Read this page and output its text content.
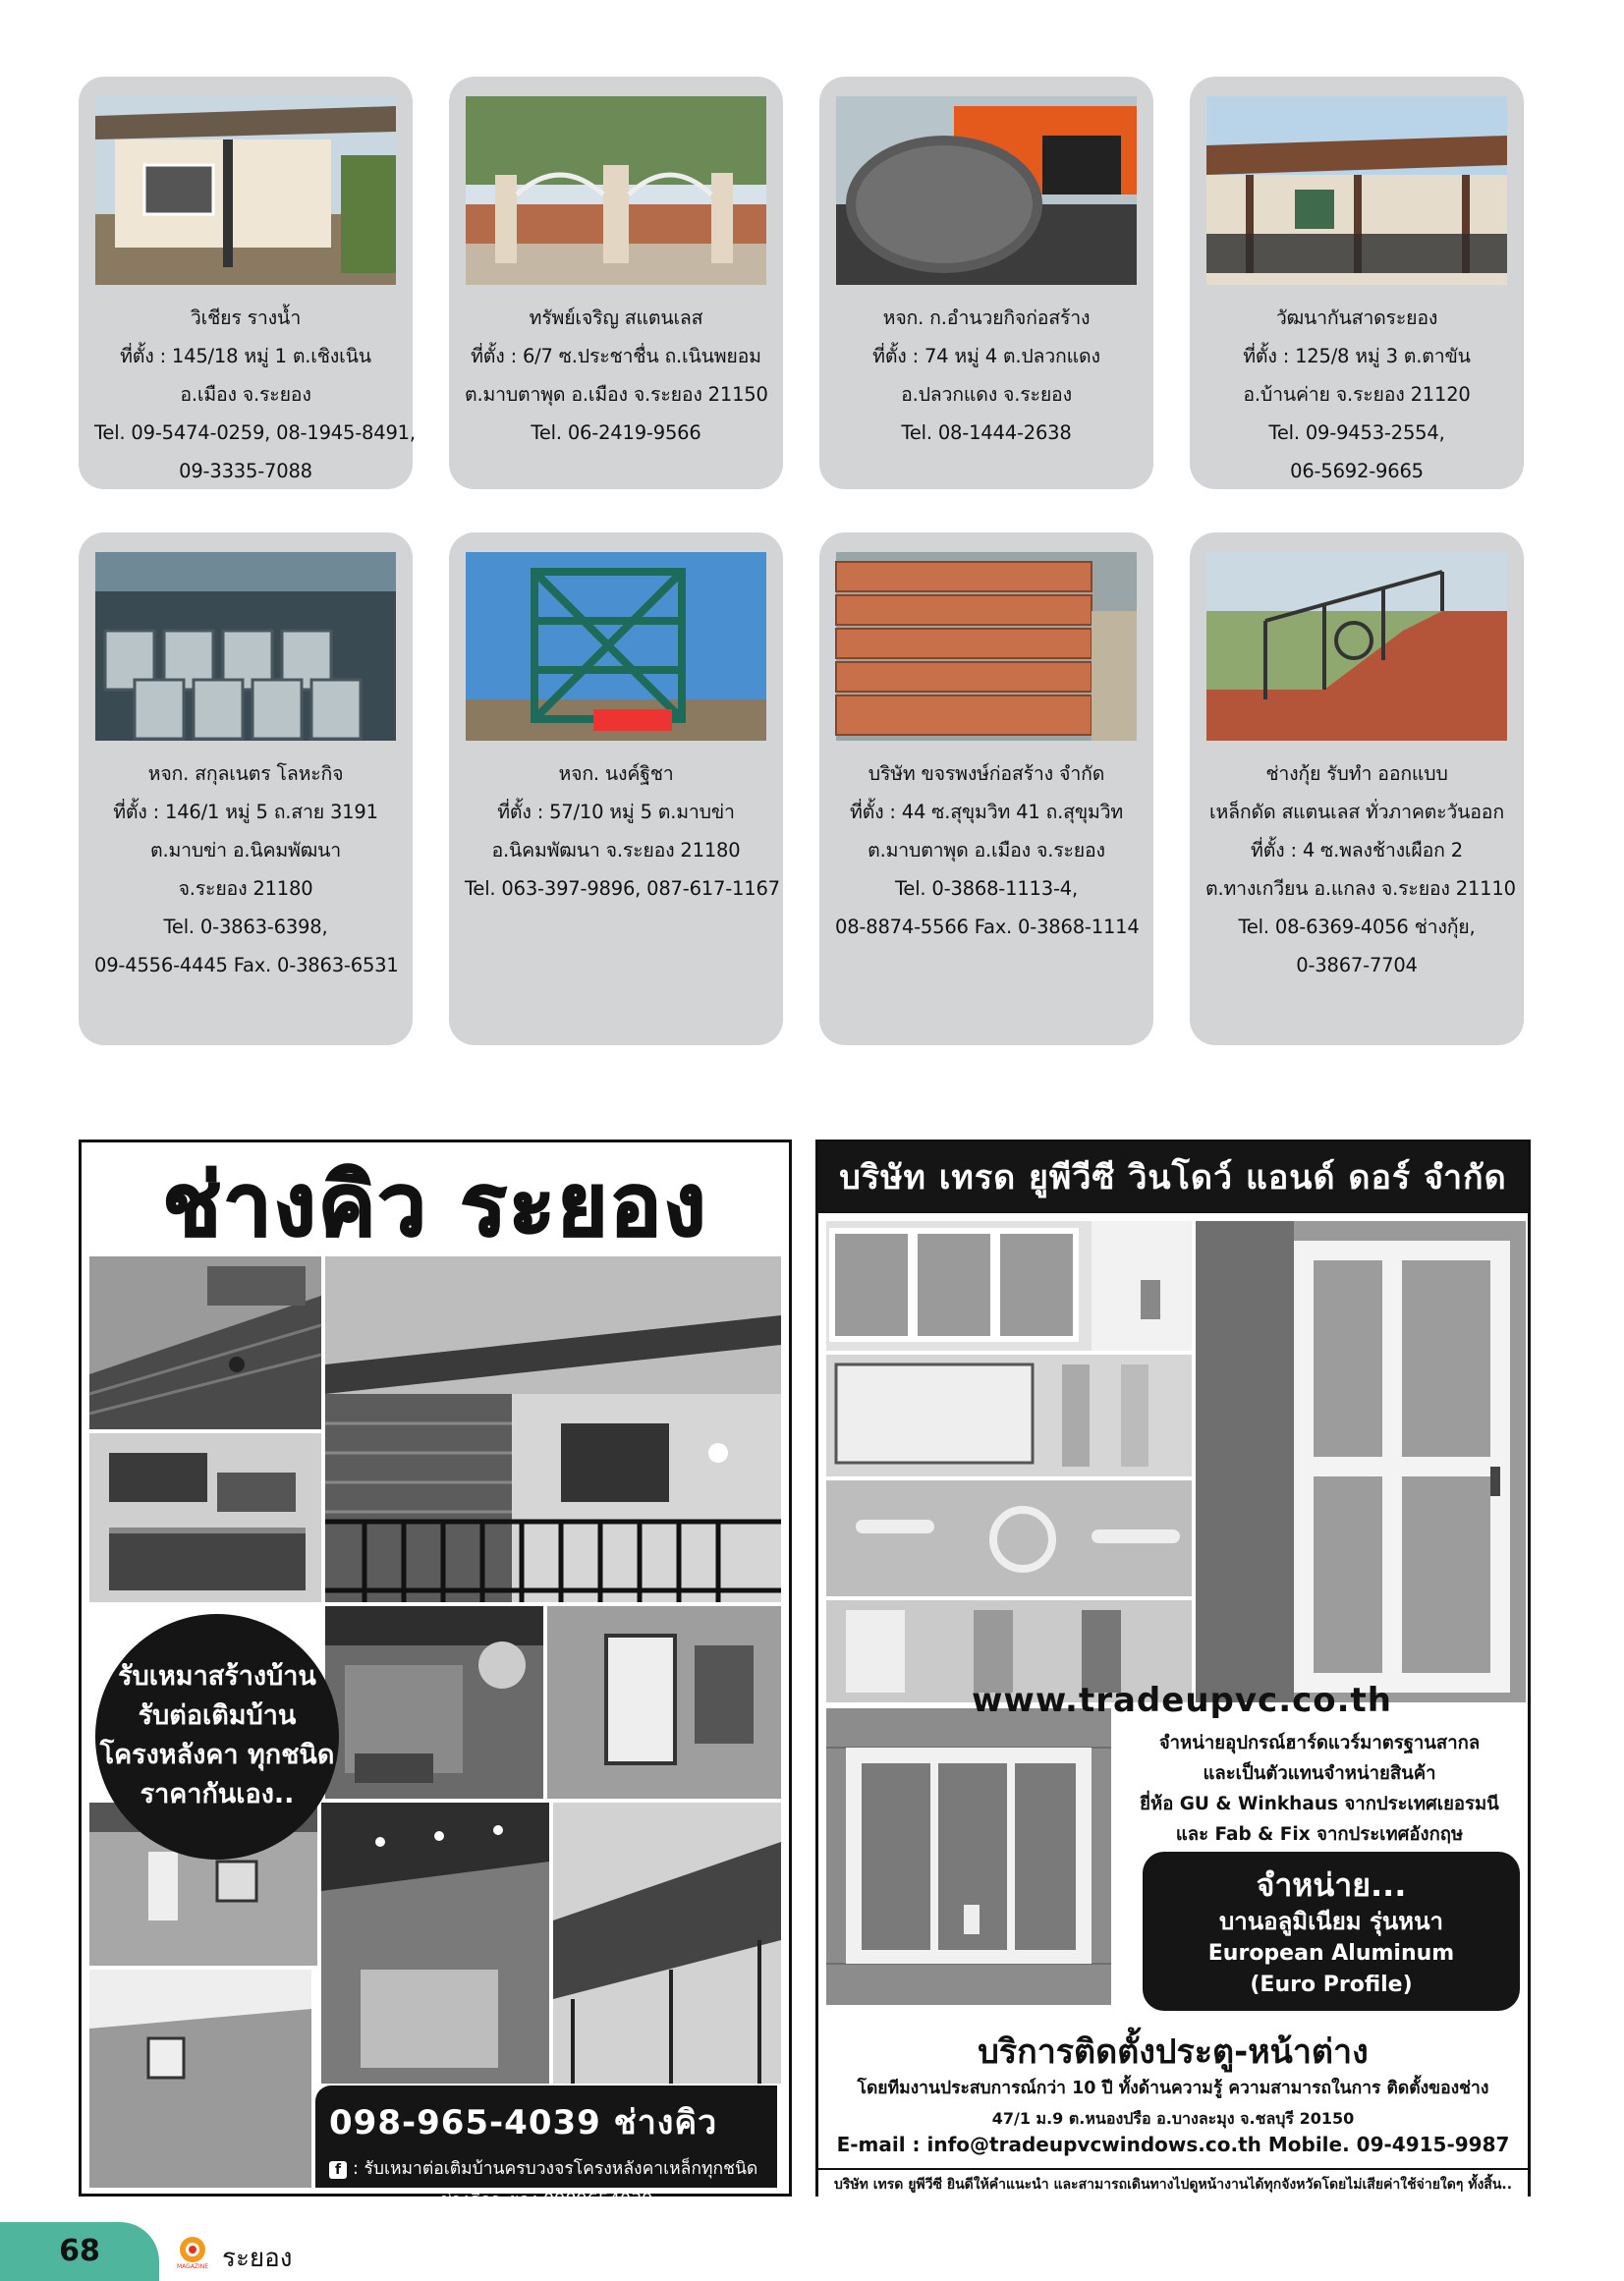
วิเชียร รางน้ำ
ที่ตั้ง : 145/18 หมู่ 1 ต.เชิงเนิน
อ.เมือง จ.ระยอง
Tel. 09-5474-0259, 08-1945-8491,
09-3335-7088
ทรัพย์เจริญ สแตนเลส
ที่ตั้ง : 6/7 ซ.ประชาชื่น ถ.เนินพยอม
ต.มาบตาพุด อ.เมือง จ.ระยอง 21150
Tel. 06-2419-9566
หจก. ก.อำนวยกิจก่อสร้าง
ที่ตั้ง : 74 หมู่ 4 ต.ปลวกแดง
อ.ปลวกแดง จ.ระยอง
Tel. 08-1444-2638
วัฒนากันสาดระยอง
ที่ตั้ง : 125/8 หมู่ 3 ต.ตาขัน
อ.บ้านค่าย จ.ระยอง 21120
Tel. 09-9453-2554,
06-5692-9665
หจก. สกุลเนตร โลหะกิจ
ที่ตั้ง : 146/1 หมู่ 5 ถ.สาย 3191
ต.มาบข่า อ.นิคมพัฒนา
จ.ระยอง 21180
Tel. 0-3863-6398,
09-4556-4445 Fax. 0-3863-6531
หจก. นงค์ฐิชา
ที่ตั้ง : 57/10 หมู่ 5 ต.มาบข่า
อ.นิคมพัฒนา จ.ระยอง 21180
Tel. 063-397-9896, 087-617-1167
บริษัท ขจรพงษ์ก่อสร้าง จำกัด
ที่ตั้ง : 44 ซ.สุขุมวิท 41 ถ.สุขุมวิท
ต.มาบตาพุด อ.เมือง จ.ระยอง
Tel. 0-3868-1113-4,
08-8874-5566 Fax. 0-3868-1114
ช่างกุ้ย รับทำ ออกแบบ
เหล็กดัด สแตนเลส ทั่วภาคตะวันออก
ที่ตั้ง : 4 ซ.พลงช้างเผือก 2
ต.ทางเกวียน อ.แกลง จ.ระยอง 21110
Tel. 08-6369-4056 ช่างกุ้ย,
0-3867-7704
ช่างคิว ระยอง
รับเหมาสร้างบ้าน
รับต่อเติมบ้าน
โครงหลังคา ทุกชนิด
ราคากันเอง..
098-965-4039 ช่างคิว
f : รับเหมาต่อเติมบ้านครบวงจรโครงหลังคาเหล็กทุกชนิด
ช่างคิวระยอง 0989654039
บริษัท เทรด ยูพีวีซี วินโดว์ แอนด์ ดอร์ จำกัด
www.tradeupvc.co.th
จำหน่ายอุปกรณ์ฮาร์ดแวร์มาตรฐานสากล
และเป็นตัวแทนจำหน่ายสินค้า
ยี่ห้อ GU & Winkhaus จากประเทศเยอรมนี
และ Fab & Fix จากประเทศอังกฤษ
จำหน่าย...
บานอลูมิเนียม รุ่นหนา
European Aluminum
(Euro Profile)
บริการติดตั้งประตู-หน้าต่าง
โดยทีมงานประสบการณ์กว่า 10 ปี ทั้งด้านความรู้ ความสามารถในการ ติดตั้งของช่าง
47/1 ม.9 ต.หนองปรือ อ.บางละมุง จ.ชลบุรี 20150
E-mail : info@tradeupvcwindows.co.th Mobile. 09-4915-9987
บริษัท เทรด ยูพีวีซี ยินดีให้คำแนะนำ และสามารถเดินทางไปดูหน้างานได้ทุกจังหวัดโดยไม่เสียค่าใช้จ่ายใดๆ ทั้งสิ้น..
68	MAGAZINE ระยอง
